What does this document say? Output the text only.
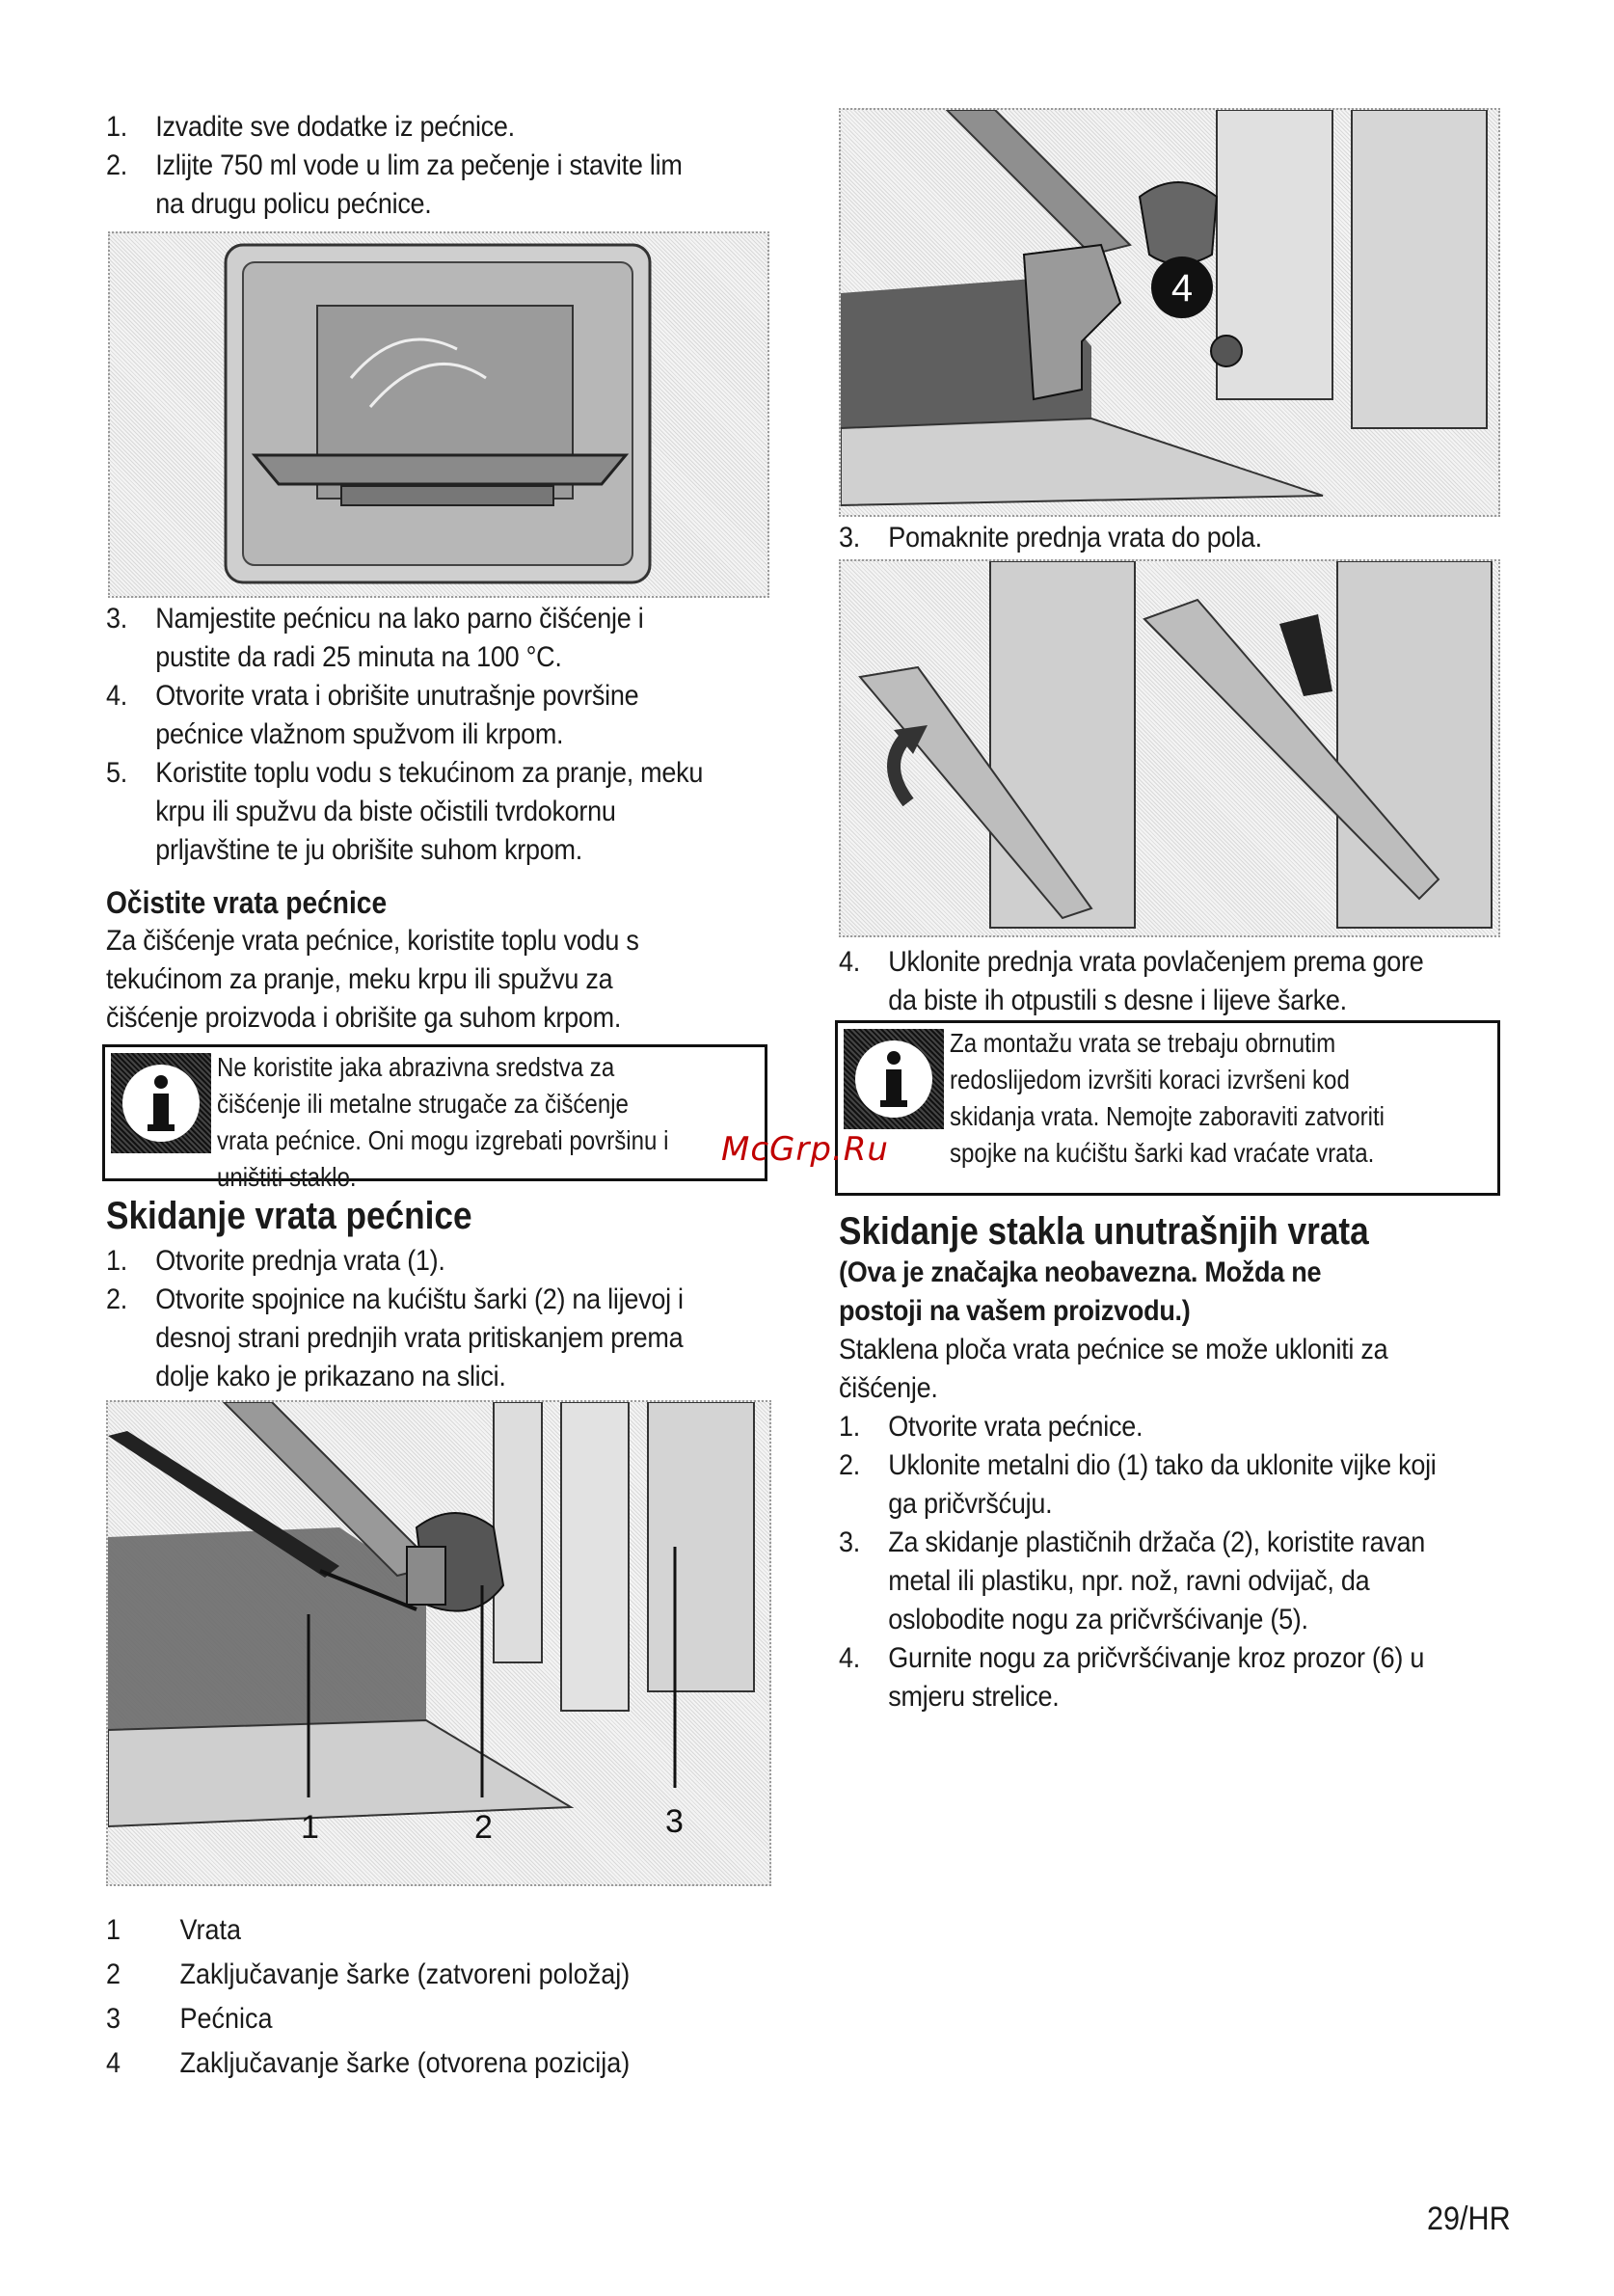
1. Izvadite sve dodatke iz pećnice.
2. Izlijte 750 ml vode u lim za pečenje i stavite lim na drugu policu pećnice.
3. Namjestite pećnicu na lako parno čišćenje i pustite da radi 25 minuta na 100 °C.
4. Otvorite vrata i obrišite unutrašnje površine pećnice vlažnom spužvom ili krpom.
5. Koristite toplu vodu s tekućinom za pranje, meku krpu ili spužvu da biste očistili tvrdokornu prljavštine te ju obrišite suhom krpom.
Očistite vrata pećnice
Za čišćenje vrata pećnice, koristite toplu vodu s tekućinom za pranje, meku krpu ili spužvu za čišćenje proizvoda i obrišite ga suhom krpom.
Ne koristite jaka abrazivna sredstva za čišćenje ili metalne strugače za čišćenje vrata pećnice. Oni mogu izgrebati površinu i uništiti staklo.
Skidanje vrata pećnice
1. Otvorite prednja vrata (1).
2. Otvorite spojnice na kućištu šarki (2) na lijevoj i desnoj strani prednjih vrata pritiskanjem prema dolje kako je prikazano na slici.
1	2	3
1 Vrata
2 Zaključavanje šarke (zatvoreni položaj)
3 Pećnica
4 Zaključavanje šarke (otvorena pozicija)
4
3. Pomaknite prednja vrata do pola.
4. Uklonite prednja vrata povlačenjem prema gore da biste ih otpustili s desne i lijeve šarke.
Za montažu vrata se trebaju obrnutim redoslijedom izvršiti koraci izvršeni kod skidanja vrata. Nemojte zaboraviti zatvoriti spojke na kućištu šarki kad vraćate vrata.
Skidanje stakla unutrašnjih vrata
(Ova je značajka neobavezna. Možda ne postoji na vašem proizvodu.)
Staklena ploča vrata pećnice se može ukloniti za čišćenje.
1. Otvorite vrata pećnice.
2. Uklonite metalni dio (1) tako da uklonite vijke koji ga pričvršćuju.
3. Za skidanje plastičnih držača (2), koristite ravan metal ili plastiku, npr. nož, ravni odvijač, da oslobodite nogu za pričvršćivanje (5).
4. Gurnite nogu za pričvršćivanje kroz prozor (6) u smjeru strelice.
McGrp.Ru
29/HR
